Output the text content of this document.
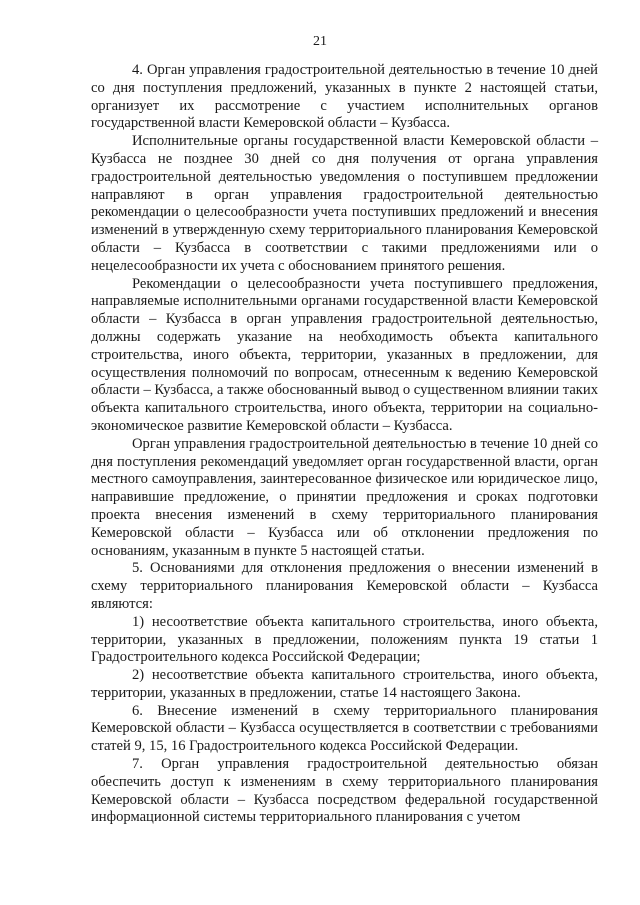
21

4. Орган управления градостроительной деятельностью в течение 10 дней со дня поступления предложений, указанных в пункте 2 настоящей статьи, организует их рассмотрение с участием исполнительных органов государственной власти Кемеровской области – Кузбасса.

Исполнительные органы государственной власти Кемеровской области – Кузбасса не позднее 30 дней со дня получения от органа управления градостроительной деятельностью уведомления о поступившем предложении направляют в орган управления градостроительной деятельностью рекомендации о целесообразности учета поступивших предложений и внесения изменений в утвержденную схему территориального планирования Кемеровской области – Кузбасса в соответствии с такими предложениями или о нецелесообразности их учета с обоснованием принятого решения.

Рекомендации о целесообразности учета поступившего предложения, направляемые исполнительными органами государственной власти Кемеровской области – Кузбасса в орган управления градостроительной деятельностью, должны содержать указание на необходимость объекта капитального строительства, иного объекта, территории, указанных в предложении, для осуществления полномочий по вопросам, отнесенным к ведению Кемеровской области – Кузбасса, а также обоснованный вывод о существенном влиянии таких объекта капитального строительства, иного объекта, территории на социально-экономическое развитие Кемеровской области – Кузбасса.

Орган управления градостроительной деятельностью в течение 10 дней со дня поступления рекомендаций уведомляет орган государственной власти, орган местного самоуправления, заинтересованное физическое или юридическое лицо, направившие предложение, о принятии предложения и сроках подготовки проекта внесения изменений в схему территориального планирования Кемеровской области – Кузбасса или об отклонении предложения по основаниям, указанным в пункте 5 настоящей статьи.

5. Основаниями для отклонения предложения о внесении изменений в схему территориального планирования Кемеровской области – Кузбасса являются:

1) несоответствие объекта капитального строительства, иного объекта, территории, указанных в предложении, положениям пункта 19 статьи 1 Градостроительного кодекса Российской Федерации;

2) несоответствие объекта капитального строительства, иного объекта, территории, указанных в предложении, статье 14 настоящего Закона.

6. Внесение изменений в схему территориального планирования Кемеровской области – Кузбасса осуществляется в соответствии с требованиями статей 9, 15, 16 Градостроительного кодекса Российской Федерации.

7. Орган управления градостроительной деятельностью обязан обеспечить доступ к изменениям в схему территориального планирования Кемеровской области – Кузбасса посредством федеральной государственной информационной системы территориального планирования с учетом
